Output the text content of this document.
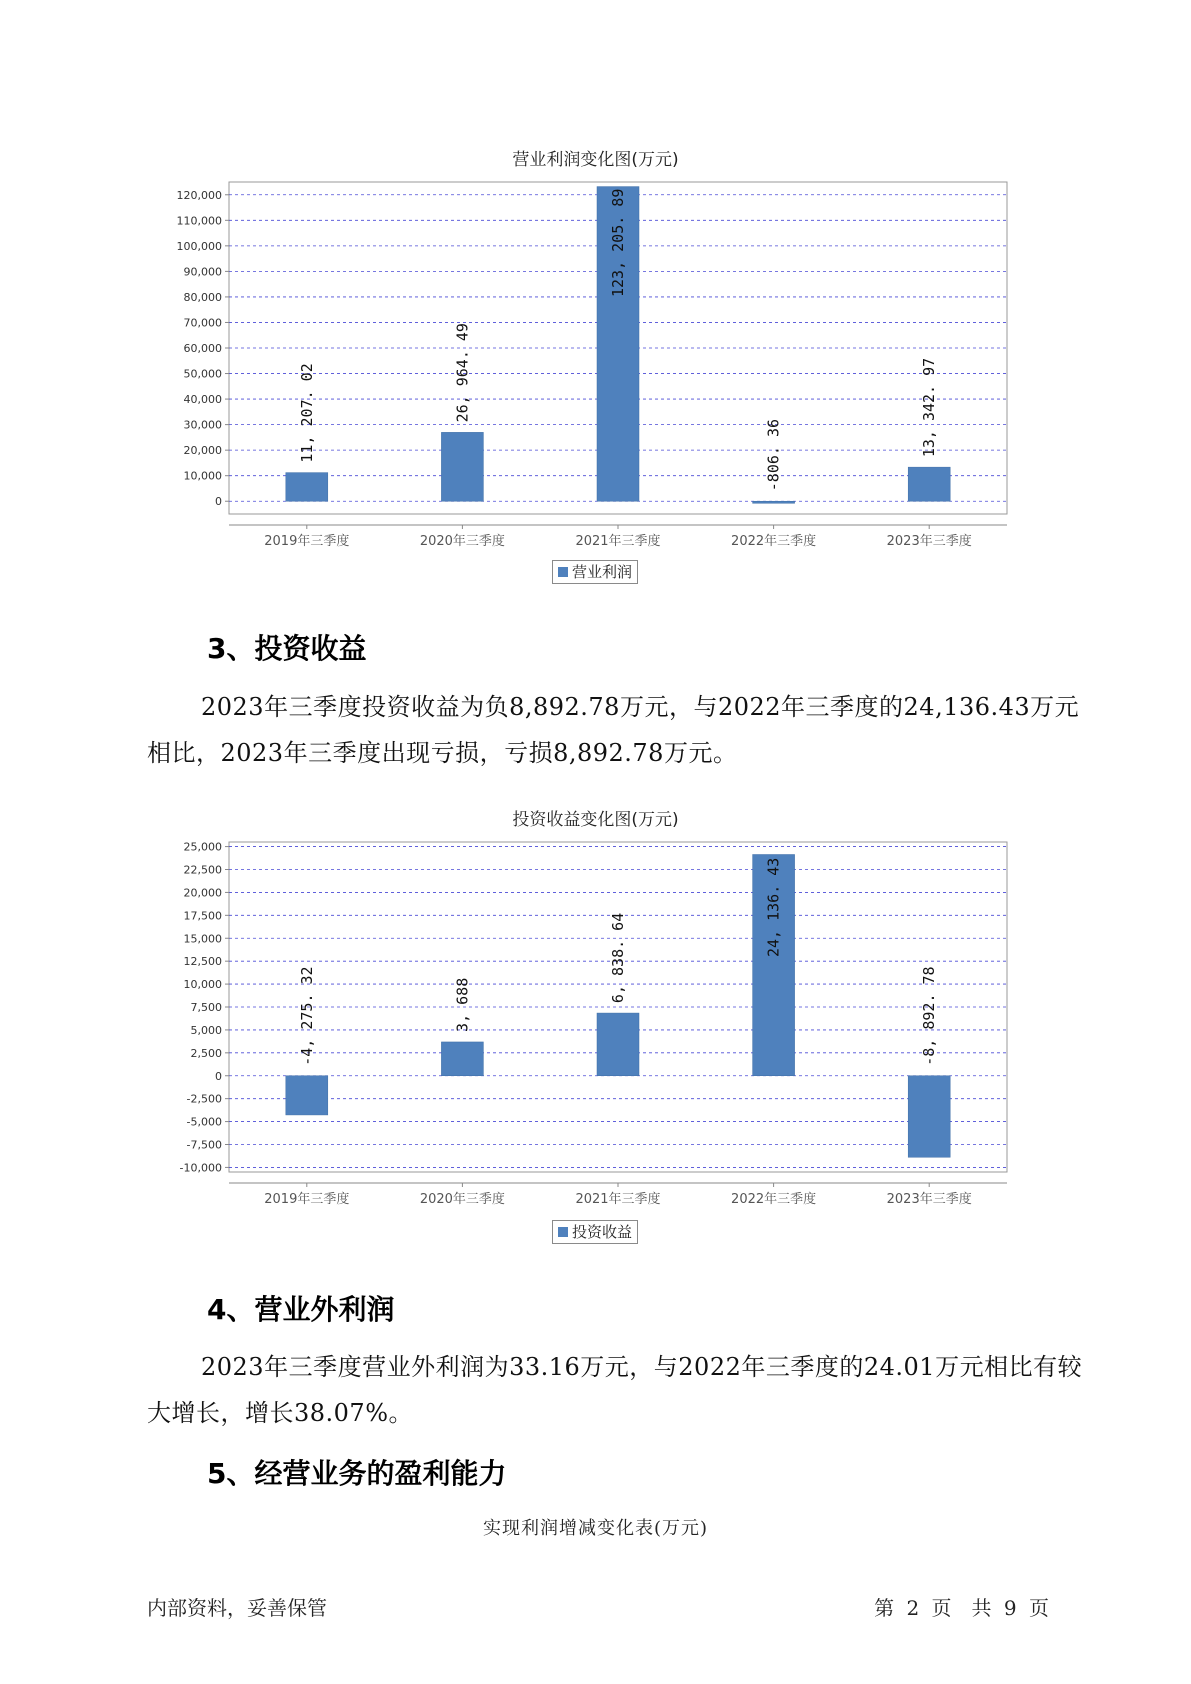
营业利润变化图(万元)
0
10,000
20,000
30,000
40,000
50,000
60,000
70,000
80,000
90,000
100,000
110,000
120,000
2019年三季度
11, 207. 02
2020年三季度
26, 964. 49
2021年三季度
123, 205. 89
2022年三季度
-806. 36
2023年三季度
13, 342. 97
营业利润
3、投资收益

2023年三季度投资收益为负8,892.78万元，与2022年三季度的24,136.43万元相比，2023年三季度出现亏损，亏损8,892.78万元。

投资收益变化图(万元)
-10,000
-7,500
-5,000
-2,500
0
2,500
5,000
7,500
10,000
12,500
15,000
17,500
20,000
22,500
25,000
2019年三季度
-4, 275. 32
2020年三季度
3, 688
2021年三季度
6, 838. 64
2022年三季度
24, 136. 43
2023年三季度
-8, 892. 78
投资收益
4、营业外利润

2023年三季度营业外利润为33.16万元，与2022年三季度的24.01万元相比有较大增长，增长38.07%。

5、经营业务的盈利能力

实现利润增减变化表(万元)

内部资料，妥善保管	第 2 页　共 9 页
